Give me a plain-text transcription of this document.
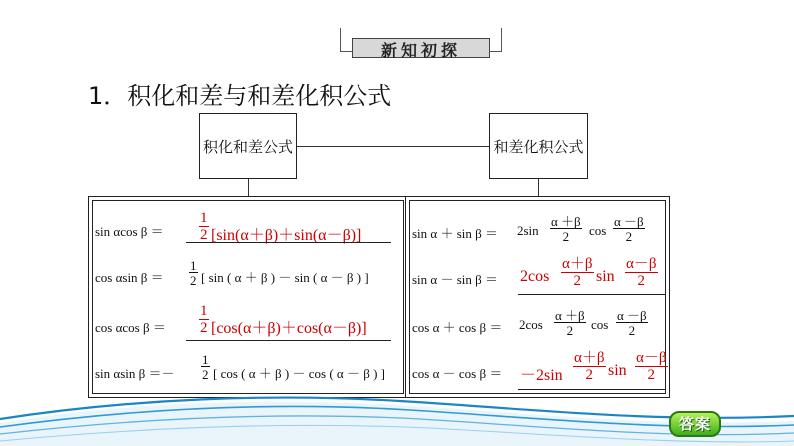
新知初探
1．积化和差与和差化积公式
积化和差公式	和差化积公式
sin αcos $\beta = \frac{1}{2} [\sin(\alpha+\beta)+\sin(\alpha-\beta)]$
cos αsin $\beta = \frac{1}{2}$ [ sin ( α ＋ β ) － sin ( α － β ) ]
cos αcos $\beta = \frac{1}{2} [\cos(\alpha+\beta)+\cos(\alpha-\beta)]$
sin αsin $\beta =- \frac{1}{2}$ [ cos ( α ＋ β ) － cos ( α － β ) ]
$\sin \alpha + \sin \beta = 2\sin \frac{\alpha +\beta}{2}$ $\cos \frac{\alpha -\beta}{2}$
$\sin \alpha - \sin \beta = 2\cos \frac{\alpha+\beta}{2}$ $\sin \frac{\alpha-\beta}{2}$
$\cos \alpha + \cos \beta = 2\cos \frac{\alpha +\beta}{2}$ $\cos \frac{\alpha -\beta}{2}$
$\cos \alpha - \cos \beta = -2\sin \frac{\alpha+\beta}{2}$ $\sin \frac{\alpha-\beta}{2}$
答案
